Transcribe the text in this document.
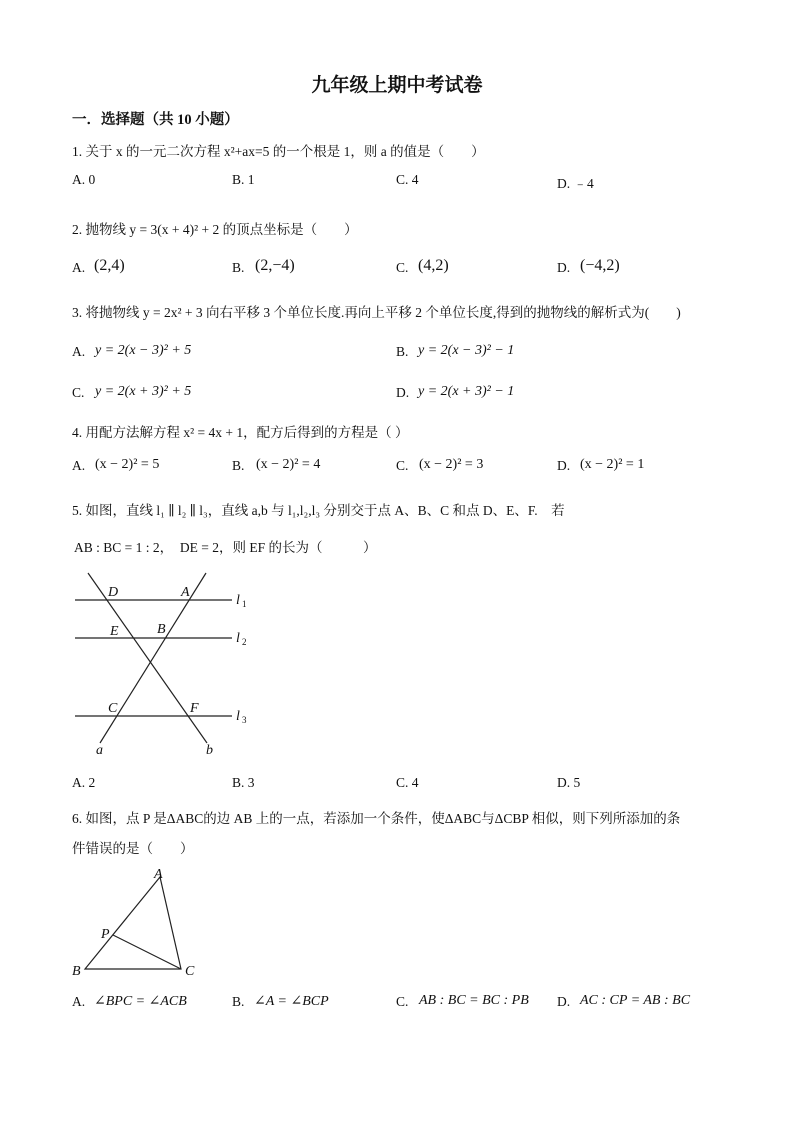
九年级上期中考试卷
一．选择题（共 10 小题）
1. 关于 x 的一元二次方程 x²+ax=5 的一个根是 1，则 a 的值是（　　）
A. 0	B. 1	C. 4	D. ﹣4
2. 抛物线 y = 3(x + 4)² + 2 的顶点坐标是（　　）
A. (2,4)	B. (2,−4)	C. (4,2)	D. (−4,2)
3. 将抛物线 y = 2x² + 3 向右平移 3 个单位长度.再向上平移 2 个单位长度,得到的抛物线的解析式为(　　)
A. y = 2(x − 3)² + 5	B. y = 2(x − 3)² − 1
C. y = 2(x + 3)² + 5	D. y = 2(x + 3)² − 1
4. 用配方法解方程 x² = 4x + 1，配方后得到的方程是（ ）
A. (x − 2)² = 5	B. (x − 2)² = 4	C. (x − 2)² = 3	D. (x − 2)² = 1
5. 如图，直线 l₁ ∥ l₂ ∥ l₃，直线 a,b 与 l₁,l₂,l₃ 分别交于点 A、B、C 和点 D、E、F.　若
AB : BC = 1 : 2，　DE = 2，则 EF 的长为（　　　）
D	A
E	B
C	F
a	b
l
l
l
1
2
3
A. 2	B. 3	C. 4	D. 5
6. 如图，点 P 是ΔABC的边 AB 上的一点，若添加一个条件，使ΔABC与ΔCBP 相似，则下列所添加的条
件错误的是（　　）
A
P
B	C
A. ∠BPC = ∠ACB	B. ∠A = ∠BCP	C. AB : BC = BC : PB D. AC : CP = AB : BC
